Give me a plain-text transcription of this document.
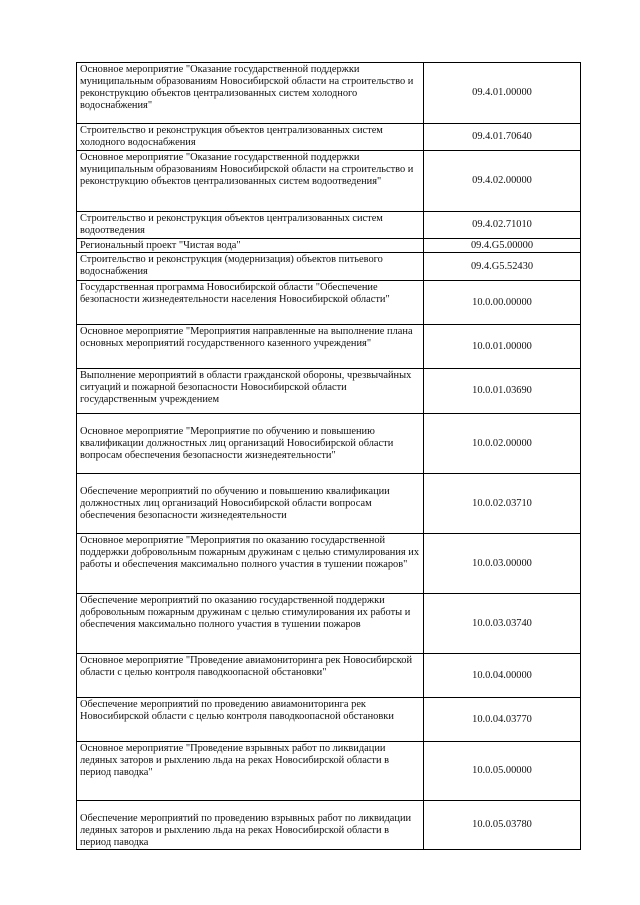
Основное мероприятие "Оказание государственной поддержки муниципальным образованиям Новосибирской области на строительство и реконструкцию объектов централизованных систем холодного водоснабжения"	09.4.01.00000
Строительство и реконструкция объектов централизованных систем холодного водоснабжения	09.4.01.70640
Основное мероприятие "Оказание государственной поддержки муниципальным образованиям Новосибирской области на строительство и реконструкцию объектов централизованных систем водоотведения"	09.4.02.00000
Строительство и реконструкция объектов централизованных систем водоотведения	09.4.02.71010
Региональный проект "Чистая вода"	09.4.G5.00000
Строительство и реконструкция (модернизация) объектов питьевого водоснабжения	09.4.G5.52430
Государственная программа Новосибирской области "Обеспечение безопасности жизнедеятельности населения Новосибирской области"	10.0.00.00000
Основное мероприятие "Мероприятия направленные на выполнение плана основных мероприятий государственного казенного учреждения"	10.0.01.00000
Выполнение мероприятий в области гражданской обороны, чрезвычайных ситуаций и пожарной безопасности Новосибирской области государственным учреждением	10.0.01.03690
Основное мероприятие "Мероприятие по обучению и повышению квалификации должностных лиц организаций Новосибирской области вопросам обеспечения безопасности жизнедеятельности"	10.0.02.00000
Обеспечение мероприятий по обучению и повышению квалификации должностных лиц организаций Новосибирской области вопросам обеспечения безопасности жизнедеятельности	10.0.02.03710
Основное мероприятие "Мероприятия по оказанию государственной поддержки добровольным пожарным дружинам с целью стимулирования их работы и обеспечения максимально полного участия в тушении пожаров"	10.0.03.00000
Обеспечение мероприятий по оказанию государственной поддержки добровольным пожарным дружинам с целью стимулирования их работы и обеспечения максимально полного участия в тушении пожаров	10.0.03.03740
Основное мероприятие "Проведение авиамониторинга рек Новосибирской области с целью контроля паводкоопасной обстановки"	10.0.04.00000
Обеспечение мероприятий по проведению авиамониторинга рек Новосибирской области с целью контроля паводкоопасной обстановки	10.0.04.03770
Основное мероприятие "Проведение взрывных работ по ликвидации ледяных заторов и рыхлению льда на реках Новосибирской области в период паводка"	10.0.05.00000
Обеспечение мероприятий по проведению взрывных работ по ликвидации ледяных заторов и рыхлению льда на реках Новосибирской области в период паводка	10.0.05.03780
